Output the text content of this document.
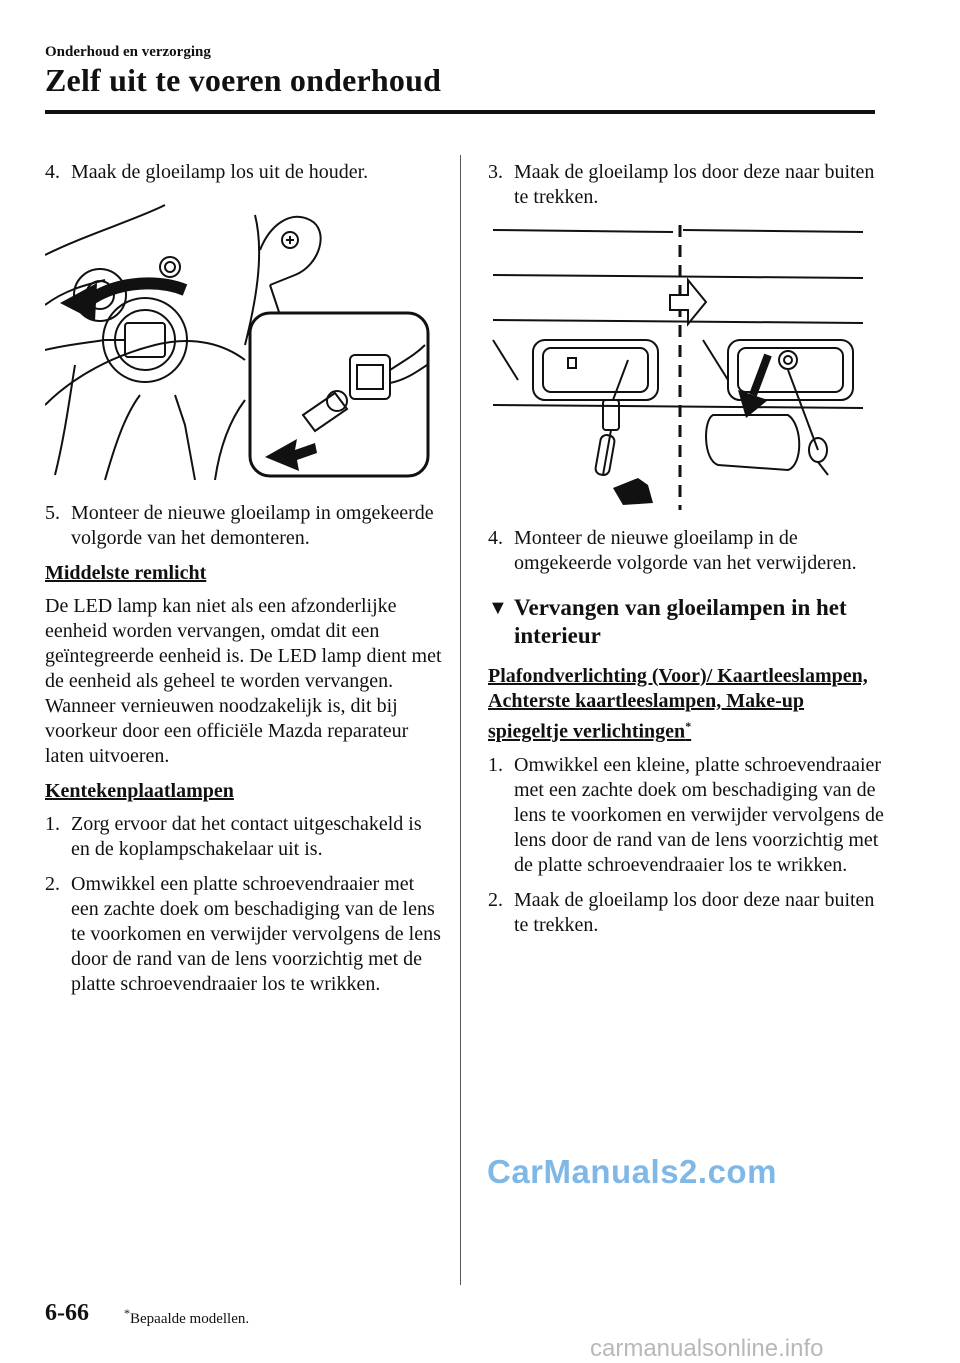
Onderhoud en verzorging
Zelf uit te voeren onderhoud
4. Maak de gloeilamp los uit de houder.
5. Monteer de nieuwe gloeilamp in omgekeerde volgorde van het demonteren.
Middelste remlicht
De LED lamp kan niet als een afzonderlijke eenheid worden vervangen, omdat dit een geïntegreerde eenheid is. De LED lamp dient met de eenheid als geheel te worden vervangen. Wanneer vernieuwen noodzakelijk is, dit bij voorkeur door een officiële Mazda reparateur laten uitvoeren.
Kentekenplaatlampen
1. Zorg ervoor dat het contact uitgeschakeld is en de koplampschakelaar uit is.
2. Omwikkel een platte schroevendraaier met een zachte doek om beschadiging van de lens te voorkomen en verwijder vervolgens de lens door de rand van de lens voorzichtig met de platte schroevendraaier los te wrikken.
3. Maak de gloeilamp los door deze naar buiten te trekken.
4. Monteer de nieuwe gloeilamp in de omgekeerde volgorde van het verwijderen.
▼ Vervangen van gloeilampen in het interieur
Plafondverlichting (Voor)/ Kaartleeslampen, Achterste kaartleeslampen, Make-up spiegeltje verlichtingen*
1. Omwikkel een kleine, platte schroevendraaier met een zachte doek om beschadiging van de lens te voorkomen en verwijder vervolgens de lens door de rand van de lens voorzichtig met de platte schroevendraaier los te wrikken.
2. Maak de gloeilamp los door deze naar buiten te trekken.
CarManuals2.com
6-66	*Bepaalde modellen.
carmanualsonline.info
